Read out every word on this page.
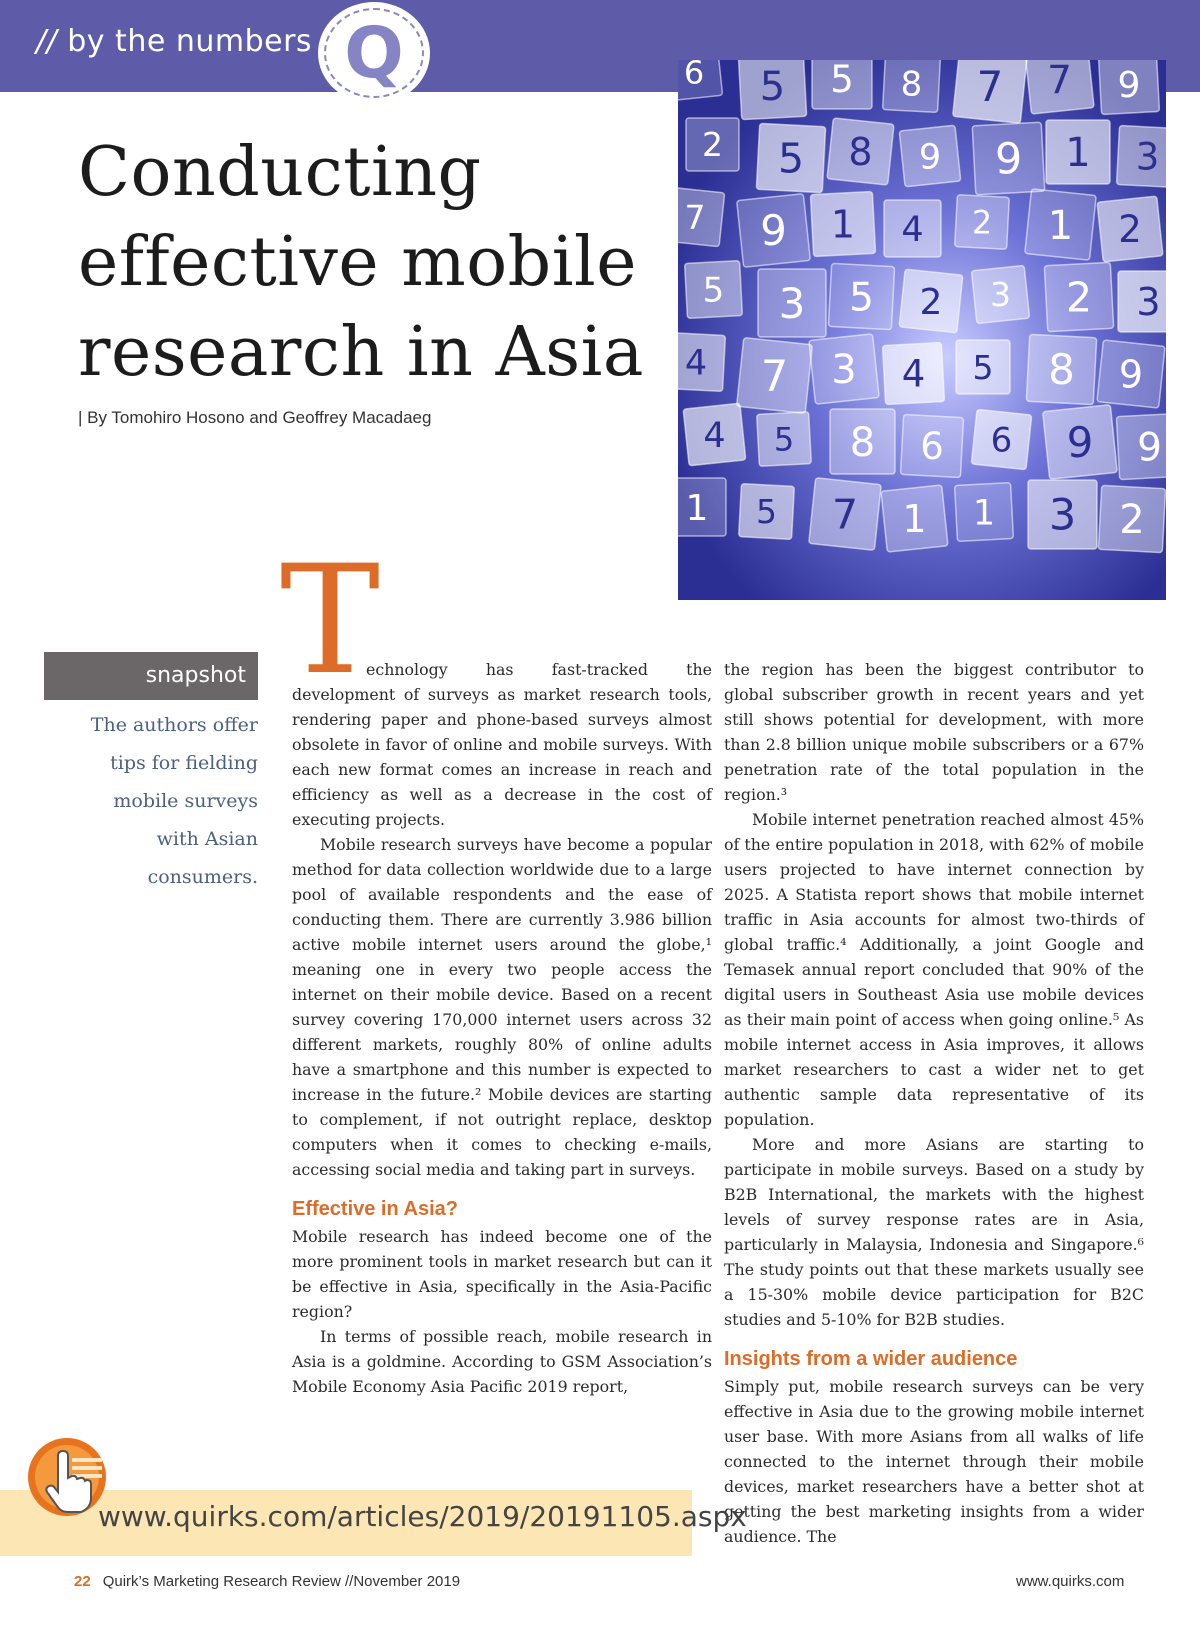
// by the numbers Q	6 5 5 8 7 7 9
2 5 8 9 9 1 3
7 9 1 4 2 1 2
5 3 5 2 3 2 3
4 7 3 4 5 8 9
4 5 8 6 6 9 9
1 5 7 1 1 3 2
Conducting
effective mobile
research in Asia
| By Tomohiro Hosono and Geoffrey Macadaeg
snapshot
The authors offer
tips for fielding
mobile surveys
with Asian
consumers.
T

echnology has fast-tracked the development of surveys as market research tools, rendering paper and phone-based surveys almost obsolete in favor of online and mobile surveys. With each new format comes an increase in reach and efficiency as well as a decrease in the cost of executing projects.

Mobile research surveys have become a popular method for data collection worldwide due to a large pool of available respondents and the ease of conducting them. There are currently 3.986 billion active mobile internet users around the globe,¹ meaning one in every two people access the internet on their mobile device. Based on a recent survey covering 170,000 internet users across 32 different markets, roughly 80% of online adults have a smartphone and this number is expected to increase in the future.² Mobile devices are starting to complement, if not outright replace, desktop computers when it comes to checking e-mails, accessing social media and taking part in surveys.

Effective in Asia?

Mobile research has indeed become one of the more prominent tools in market research but can it be effective in Asia, specifically in the Asia-Pacific region?

In terms of possible reach, mobile research in Asia is a goldmine. According to GSM Association’s Mobile Economy Asia Pacific 2019 report,

the region has been the biggest contributor to global subscriber growth in recent years and yet still shows potential for development, with more than 2.8 billion unique mobile subscribers or a 67% penetration rate of the total population in the region.³

Mobile internet penetration reached almost 45% of the entire population in 2018, with 62% of mobile users projected to have internet connection by 2025. A Statista report shows that mobile internet traffic in Asia accounts for almost two-thirds of global traffic.⁴ Additionally, a joint Google and Temasek annual report concluded that 90% of the digital users in Southeast Asia use mobile devices as their main point of access when going online.⁵ As mobile internet access in Asia improves, it allows market researchers to cast a wider net to get authentic sample data representative of its population.

More and more Asians are starting to participate in mobile surveys. Based on a study by B2B International, the markets with the highest levels of survey response rates are in Asia, particularly in Malaysia, Indonesia and Singapore.⁶ The study points out that these markets usually see a 15-30% mobile device participation for B2C studies and 5-10% for B2B studies.

Insights from a wider audience

Simply put, mobile research surveys can be very effective in Asia due to the growing mobile internet user base. With more Asians from all walks of life connected to the internet through their mobile devices, market researchers have a better shot at getting the best marketing insights from a wider audience. The

www.quirks.com/articles/2019/20191105.aspx
22 Quirk’s Marketing Research Review //November 2019	www.quirks.com
